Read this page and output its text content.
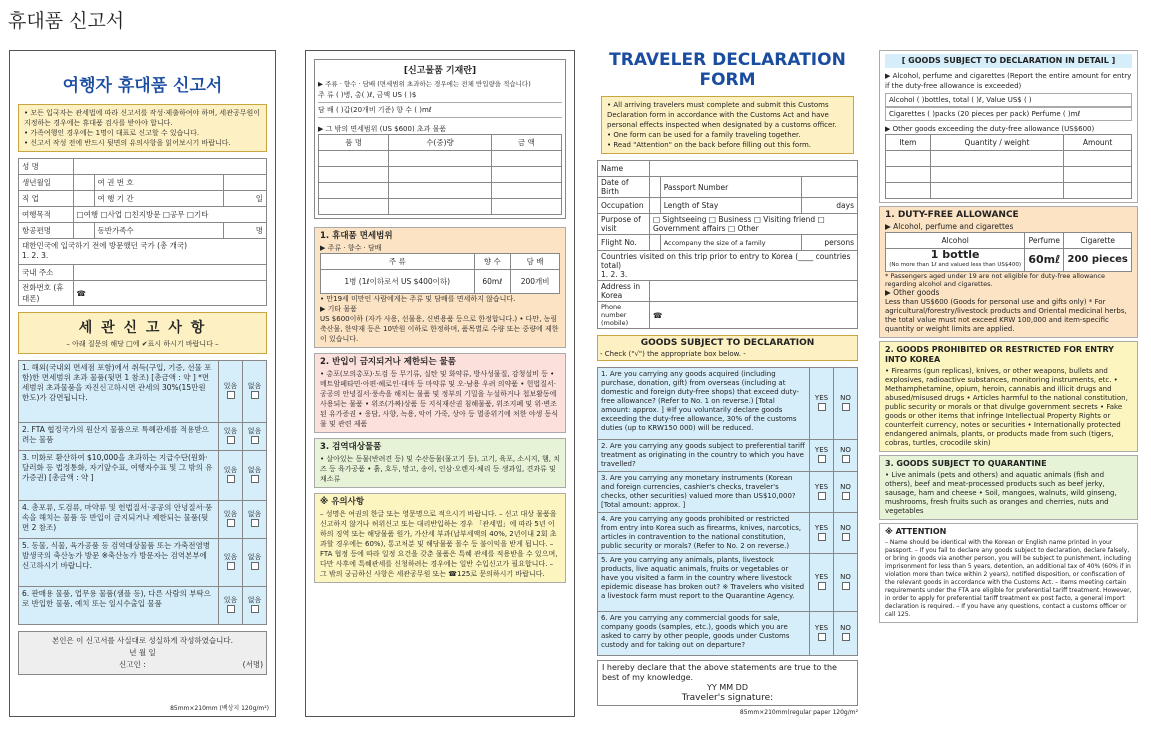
휴대품 신고서
여행자 휴대품 신고서
• 모든 입국자는 관세법에 따라 신고서를 작성·제출하여야 하며, 세관공무원이 지정하는 경우에는 휴대품 검사를 받아야 합니다.
• 가족여행인 경우에는 1명이 대표로 신고할 수 있습니다.
• 신고서 작성 전에 반드시 뒷면의 유의사항을 읽어보시기 바랍니다.
성 명			
생년월일		여 권 번 호	
직 업		여 행 기 간	일
여행목적	□여행 □사업 □친지방문 □공무 □기타		
항공편명		동반가족수	명

대한민국에 입국하기 전에 방문했던 국가 (총 개국)
1. 2. 3.			

국내 주소			
전화번호 (휴대폰)	☎		
세 관 신 고 사 항
– 아래 질문의 해당 □에 ✔표시 하시기 바랍니다 –
1. 해외(국내외 면세점 포함)에서 취득(구입, 기증, 선물 포함)한 면세범위 초과 물품(뒷면 1 참조) [총금액 : 약 ] *면세범위 초과물품을 자진신고하시면 관세의 30%(15만원 한도)가 감면됩니다.	있음	없음

2. FTA 협정국가의 원산지 물품으로 특혜관세를 적용받으려는 물품	있음	없음

3. 미화로 환산하여 $10,000을 초과하는 지급수단(원화·달러화 등 법정통화, 자기앞수표, 여행자수표 및 그 밖의 유가증권) [총금액 : 약 ]	있음	없음

4. 총포류, 도검류, 마약류 및 헌법질서·공공의 안녕질서·풍속을 해치는 물품 등 반입이 금지되거나 제한되는 물품(뒷면 2 참조)	있음	없음

5. 동물, 식물, 육가공품 등 검역대상물품 또는 가축전염병발생국의 축산농가 방문 ※축산농가 방문자는 검역본부에 신고하시기 바랍니다.	있음	없음

6. 판매용 물품, 업무용 물품(샘플 등), 다른 사람의 부탁으로 반입한 물품, 예치 또는 일시수출입 물품	있음	없음
본인은 이 신고서를 사실대로 성실하게 작성하였습니다.
년 월 일
신고인 :	(서명)
85mm×210mm (백상지 120g/m²)
[신고물품 기재란]
▶ 주류 · 향수 · 담배 (면세범위 초과하는 경우에는 전체 반입량을 적습니다)
주 류 ( )병, 총( )ℓ, 금액 US ( )$
담 배 ( )갑(20개비 기준) 향 수 ( )mℓ
▶ 그 밖의 면세범위 (US $600) 초과 물품
품 명	수(중)량	금 액

1. 휴대품 면세범위
▶ 주류 · 향수 · 담배
주 류	향 수	담 배
1병 (1ℓ이하로서 US $400이하)	60mℓ	200개비
• 만19세 미만인 사람에게는 주류 및 담배를 면세하지 않습니다.
▶ 기타 물품
US $600이하 (자가 사용, 선물용, 신변용품 등으로 한정합니다.) • 다만, 농림축산물, 한약재 등은 10만원 이하로 한정하며, 품목별로 수량 또는 중량에 제한이 있습니다.
2. 반입이 금지되거나 제한되는 물품
• 총포(모의총포)·도검 등 무기류, 실탄 및 화약류, 방사성물질, 감청설비 등 • 메트암페타민·아편·헤로인·대마 등 마약류 및 오·남용 우려 의약품 • 헌법질서·공공의 안녕질서·풍속을 해치는 물품 및 정부의 기밀을 누설하거나 첩보활동에 사용되는 물품 • 위조(가짜)상품 등 지식재산권 침해물품, 위조지폐 및 위·변조된 유가증권 • 웅담, 사향, 녹용, 악어 가죽, 상아 등 멸종위기에 처한 야생 동식물 및 관련 제품
3. 검역대상물품
• 살아있는 동물(반려견 등) 및 수산동물(물고기 등), 고기, 육포, 소시지, 햄, 치즈 등 육가공품 • 흙, 호두, 망고, 송이, 인삼·오렌지·체리 등 생과일, 견과류 및 채소류
※ 유의사항
– 성명은 여권의 한글 또는 영문명으로 적으시기 바랍니다. – 신고 대상 물품을 신고하지 않거나 허위신고 또는 대리반입하는 경우 「관세법」에 따라 5년 이하의 징역 또는 해당물품 원가, 가산세 부과(납부세액의 40%, 2년이내 2회 초과할 경우에는 60%), 통고처분 및 해당물품 몰수 등 불이익을 받게 됩니다. – FTA 협정 등에 따라 일정 요건을 갖춘 물품은 특혜 관세를 적용받을 수 있으며, 다만 사후에 특혜관세를 신청하려는 경우에는 일반 수입신고가 필요합니다. – 그 밖의 궁금하신 사항은 세관공무원 또는 ☎125로 문의하시기 바랍니다.
TRAVELER DECLARATION FORM
• All arriving travelers must complete and submit this Customs Declaration form in accordance with the Customs Act and have personal effects inspected when designated by a customs officer.
• One form can be used for a family traveling together.
• Read "Attention" on the back before filling out this form.
Name			
Date of Birth		Passport Number	
Occupation		Length of Stay	days
Purpose of visit	□ Sightseeing □ Business □ Visiting friend □ Government affairs □ Other		
Flight No.		Accompany the size of a family	persons

Countries visited on this trip prior to entry to Korea (____ countries total)
1. 2. 3.			

Address in Korea			
Phone number (mobile)	☎		
GOODS SUBJECT TO DECLARATION
- Check ("√") the appropriate box below. -
1. Are you carrying any goods acquired (including purchase, donation, gift) from overseas (including at domestic and foreign duty-free shops) that exceed duty-free allowance? (Refer to No. 1 on reverse.) [Total amount: approx. ] ※If you voluntarily declare goods exceeding the duty-free allowance, 30% of the customs duties (up to KRW150 000) will be reduced.	YES	NO

2. Are you carrying any goods subject to preferential tariff treatment as originating in the country to which you have travelled?	YES	NO

3. Are you carrying any monetary instruments (Korean and foreign currencies, cashier's checks, traveler's checks, other securities) valued more than US$10,000? [Total amount: approx. ]	YES	NO

4. Are you carrying any goods prohibited or restricted from entry into Korea such as firearms, knives, narcotics, articles in contravention to the national constitution, public security or morals? (Refer to No. 2 on reverse.)	YES	NO

5. Are you carrying any animals, plants, livestock products, live aquatic animals, fruits or vegetables or have you visited a farm in the country where livestock epidemic disease has broken out? ※ Travelers who visited a livestock farm must report to the Quarantine Agency.	YES	NO

6. Are you carrying any commercial goods for sale, company goods (samples, etc.), goods which you are asked to carry by other people, goods under Customs custody and for taking out on departure?	YES	NO
I hereby declare that the above statements are true to the best of my knowledge.
YY MM DD
Traveler's signature:
85mm×210mm(regular paper 120g/m²
[ GOODS SUBJECT TO DECLARATION IN DETAIL ]
▶ Alcohol, perfume and cigarettes (Report the entire amount for entry if the duty-free allowance is exceeded)
Alcohol ( )bottles, total ( )ℓ, Value US$ ( )
Cigarettes ( )packs (20 pieces per pack) Perfume ( )mℓ
▶ Other goods exceeding the duty-free allowance (US$600)
Item	Quantity / weight	Amount

1. DUTY-FREE ALLOWANCE
▶ Alcohol, perfume and cigarettes
Alcohol	Perfume	Cigarette

1 bottle
(No more than 1ℓ and valued less than US$400)	60mℓ	200 pieces
* Passengers aged under 19 are not eligible for duty-free allowance regarding alcohol and cigarettes.
▶ Other goods
Less than US$600 (Goods for personal use and gifts only) * For agricultural/forestry/livestock products and Oriental medicinal herbs, the total value must not exceed KRW 100,000 and item-specific quantity or weight limits are applied.
2. GOODS PROHIBITED OR RESTRICTED FOR ENTRY INTO KOREA
• Firearms (gun replicas), knives, or other weapons, bullets and explosives, radioactive substances, monitoring instruments, etc. • Methamphetamine, opium, heroin, cannabis and illicit drugs and abused/misused drugs • Articles harmful to the national constitution, public security or morals or that divulge government secrets • Fake goods or other items that infringe Intellectual Property Rights or counterfeit currency, notes or securities • Internationally protected endangered animals, plants, or products made from such (tigers, cobras, turtles, crocodile skin)
3. GOODS SUBJECT TO QUARANTINE
• Live animals (pets and others) and aquatic animals (fish and others), beef and meat-processed products such as beef jerky, sausage, ham and cheese • Soil, mangoes, walnuts, wild ginseng, mushrooms, fresh fruits such as oranges and cherries, nuts and vegetables
※ ATTENTION
– Name should be identical with the Korean or English name printed in your passport. – If you fail to declare any goods subject to declaration, declare falsely, or bring in goods via another person, you will be subject to punishment, including imprisonment for less than 5 years, detention, an additional tax of 40% (60% if in violation more than twice within 2 years), notified disposition, or confiscation of the relevant goods in accordance with the Customs Act. – Items meeting certain requirements under the FTA are eligible for preferential tariff treatment. However, in order to apply for preferential tariff treatment ex post facto, a general import declaration is required. – If you have any questions, contact a customs officer or call 125.
